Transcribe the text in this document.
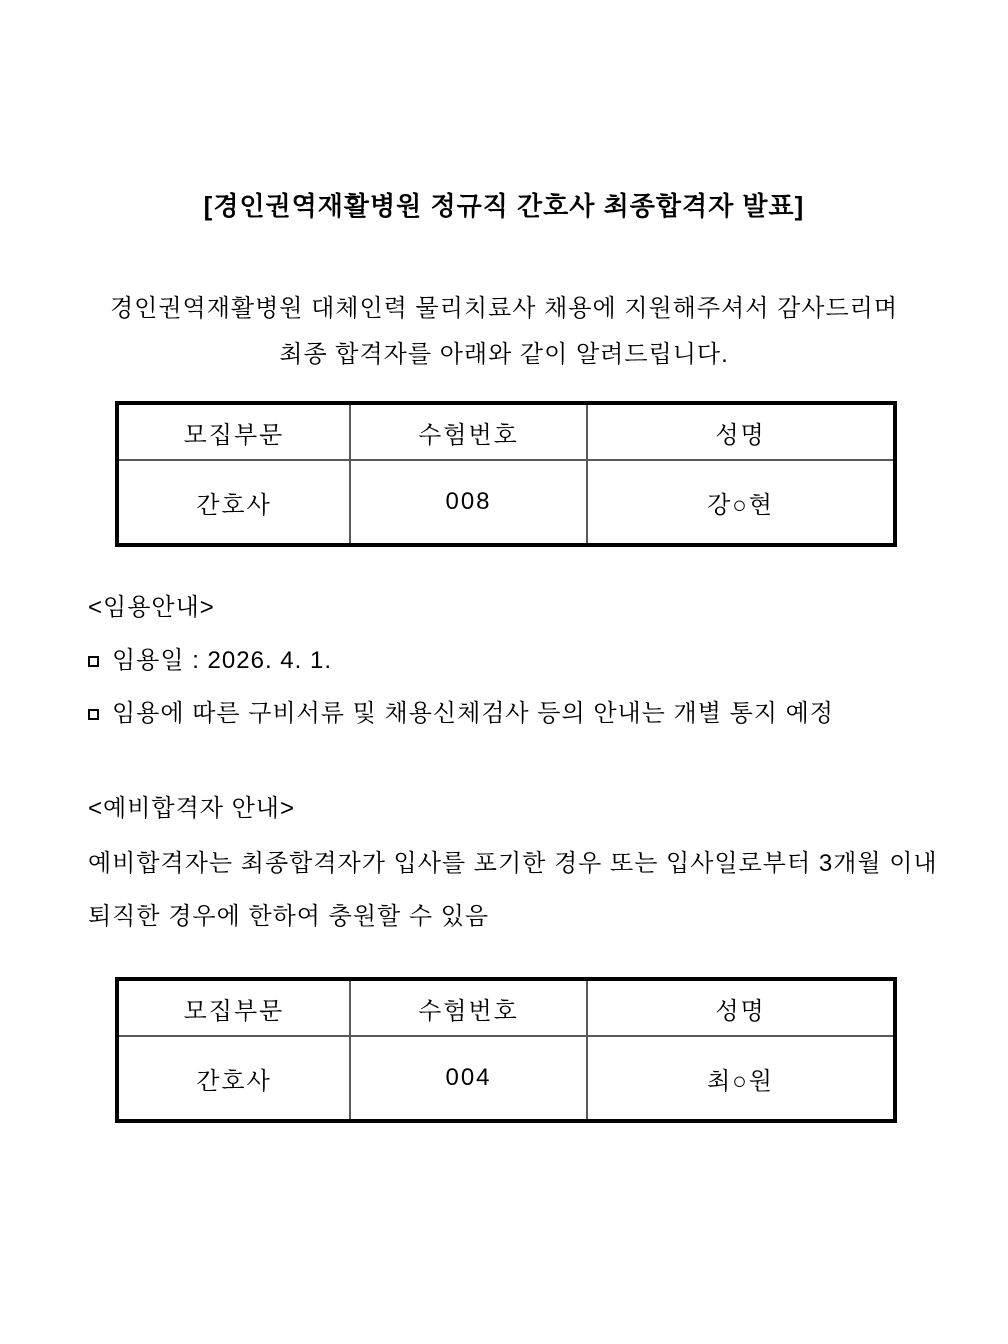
[경인권역재활병원 정규직 간호사 최종합격자 발표]
경인권역재활병원 대체인력 물리치료사 채용에 지원해주셔서 감사드리며
최종 합격자를 아래와 같이 알려드립니다.
모집부문	수험번호	성명
간호사	008	강○현
<임용안내>
임용일 : 2026. 4. 1.
임용에 따른 구비서류 및 채용신체검사 등의 안내는 개별 통지 예정
<예비합격자 안내>
예비합격자는 최종합격자가 입사를 포기한 경우 또는 입사일로부터 3개월 이내
퇴직한 경우에 한하여 충원할 수 있음
모집부문	수험번호	성명
간호사	004	최○원
